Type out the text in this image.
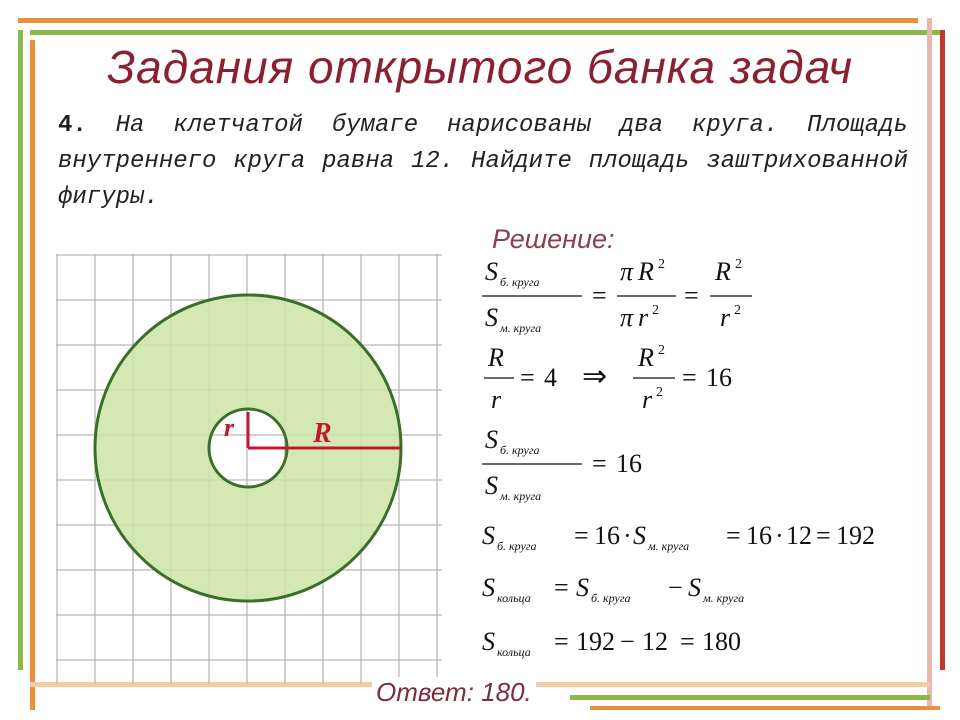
Задания открытого банка задач
4. На клетчатой бумаге нарисованы два круга. Площадь внутреннего круга равна 12. Найдите площадь заштрихованной фигуры.
r	R
Решение:
S б. круга
S м. круга
=
π R 2
π r 2
=
R 2
r 2
R
r
= 4 ⇒
R 2
r 2
= 16
S б. круга
S м. круга
= 16
S б. круга = 16 · S м. круга = 16 · 12 = 192
S кольца = S б. круга − S м. круга
S кольца = 192 − 12 = 180
Ответ: 180.
